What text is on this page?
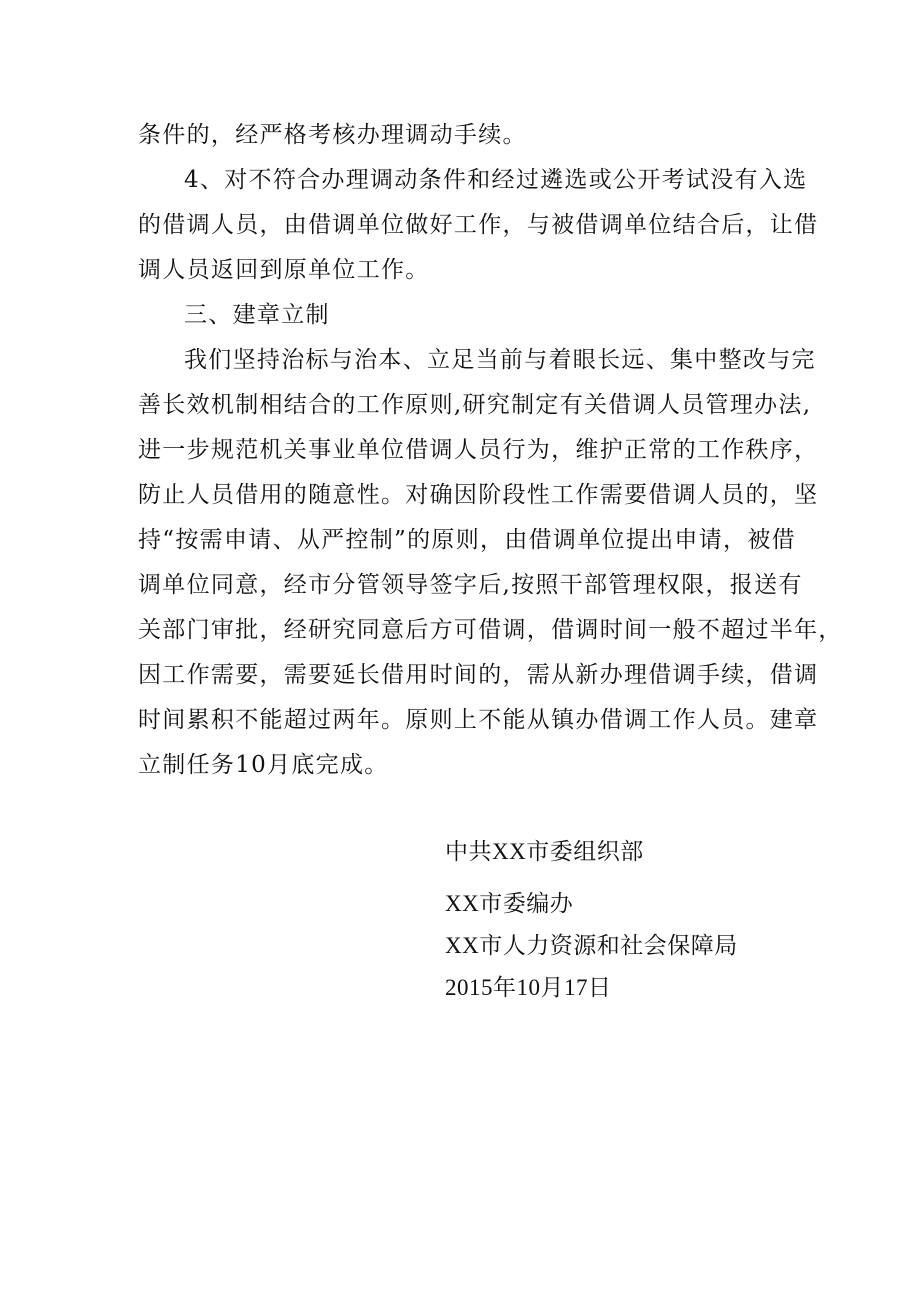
条件的，经严格考核办理调动手续。
4、对不符合办理调动条件和经过遴选或公开考试没有入选
的借调人员，由借调单位做好工作，与被借调单位结合后，让借
调人员返回到原单位工作。
三、建章立制
我们坚持治标与治本、立足当前与着眼长远、集中整改与完
善长效机制相结合的工作原则,研究制定有关借调人员管理办法,
进一步规范机关事业单位借调人员行为，维护正常的工作秩序，
防止人员借用的随意性。对确因阶段性工作需要借调人员的，坚
持“按需申请、从严控制”的原则，由借调单位提出申请，被借
调单位同意，经市分管领导签字后,按照干部管理权限，报送有
关部门审批，经研究同意后方可借调，借调时间一般不超过半年，
因工作需要，需要延长借用时间的，需从新办理借调手续，借调
时间累积不能超过两年。原则上不能从镇办借调工作人员。建章
立制任务10月底完成。
中共XX市委组织部
XX市委编办
XX市人力资源和社会保障局
2015年10月17日
